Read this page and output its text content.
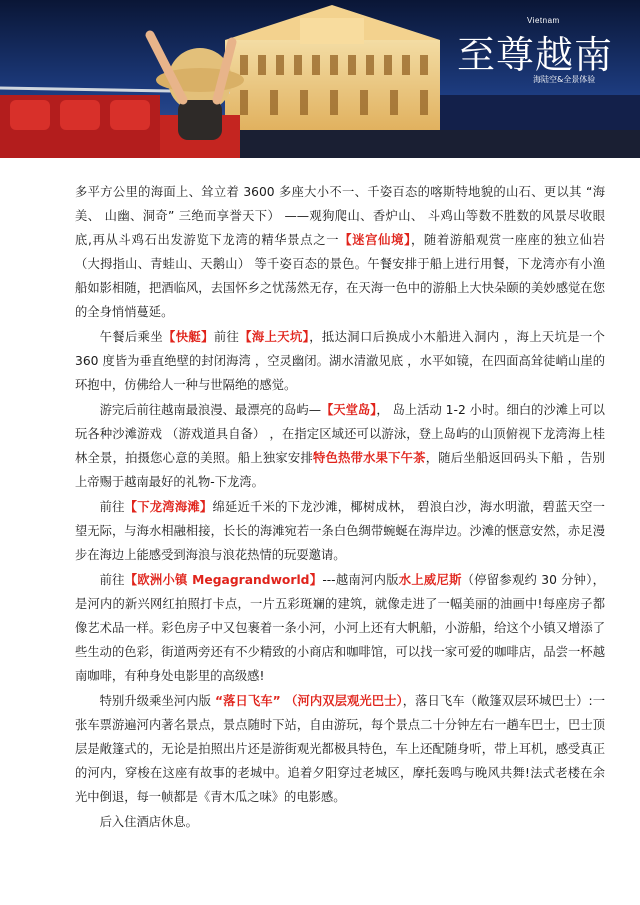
Vietnam
至尊越南
海陆空&全景体验

多平方公里的海面上、耸立着 3600 多座大小不一、千姿百态的喀斯特地貌的山石、更以其 “海美、 山幽、洞奇” 三绝而享誉天下） ——观狗爬山、香炉山、 斗鸡山等数不胜数的风景尽收眼底,再从斗鸡石出发游览下龙湾的精华景点之一【迷宫仙境】，随着游船观赏一座座的独立仙岩 （大拇指山、青蛙山、天鹅山） 等千姿百态的景色。午餐安排于船上进行用餐，下龙湾亦有小渔船如影相随，把酒临风，去国怀乡之忧荡然无存，在天海一色中的游船上大快朵颐的美妙感觉在您的全身悄悄蔓延。

午餐后乘坐【快艇】前往【海上天坑】，抵达洞口后换成小木船进入洞内 ，海上天坑是一个 360 度皆为垂直绝壁的封闭海湾 ，空灵幽闭。湖水清澈见底 ，水平如镜，在四面高耸徒峭山崖的环抱中，仿佛给人一种与世隔绝的感觉。

游完后前往越南最浪漫、最漂亮的岛屿—【天堂岛】， 岛上活动 1-2 小时。细白的沙滩上可以玩各种沙滩游戏 （游戏道具自备） ，在指定区域还可以游泳，登上岛屿的山顶俯视下龙湾海上桂林全景，拍摄您心意的美照。船上独家安排特色热带水果下午茶，随后坐船返回码头下船 ，告别上帝赐于越南最好的礼物-下龙湾。

前往【下龙湾海滩】绵延近千米的下龙沙滩，椰树成林， 碧浪白沙，海水明澈，碧蓝天空一望无际，与海水相融相接，长长的海滩宛若一条白色绸带蜿蜒在海岸边。沙滩的惬意安然，赤足漫步在海边上能感受到海浪与浪花热情的玩耍邀请。

前往【欧洲小镇 Megagrandworld】---越南河内版水上威尼斯（停留参观约 30 分钟），是河内的新兴网红拍照打卡点，一片五彩斑斓的建筑，就像走进了一幅美丽的油画中!每座房子都像艺术品一样。彩色房子中又包裹着一条小河，小河上还有大帆船，小游船，给这个小镇又增添了些生动的色彩，街道两旁还有不少精致的小商店和咖啡馆，可以找一家可爱的咖啡店，品尝一杯越南咖啡，有种身处电影里的高级感!

特别升级乘坐河内版 “落日飞车” （河内双层观光巴士），落日飞车（敞篷双层环城巴士）:一张车票游遍河内著名景点，景点随时下站，自由游玩，每个景点二十分钟左右一趟车巴士，巴士顶层是敞篷式的，无论是拍照出片还是游街观光都极具特色，车上还配随身听，带上耳机，感受真正的河内，穿梭在这座有故事的老城中。追着夕阳穿过老城区，摩托轰鸣与晚风共舞!法式老楼在余光中倒退，每一帧都是《青木瓜之味》的电影感。

后入住酒店休息。
